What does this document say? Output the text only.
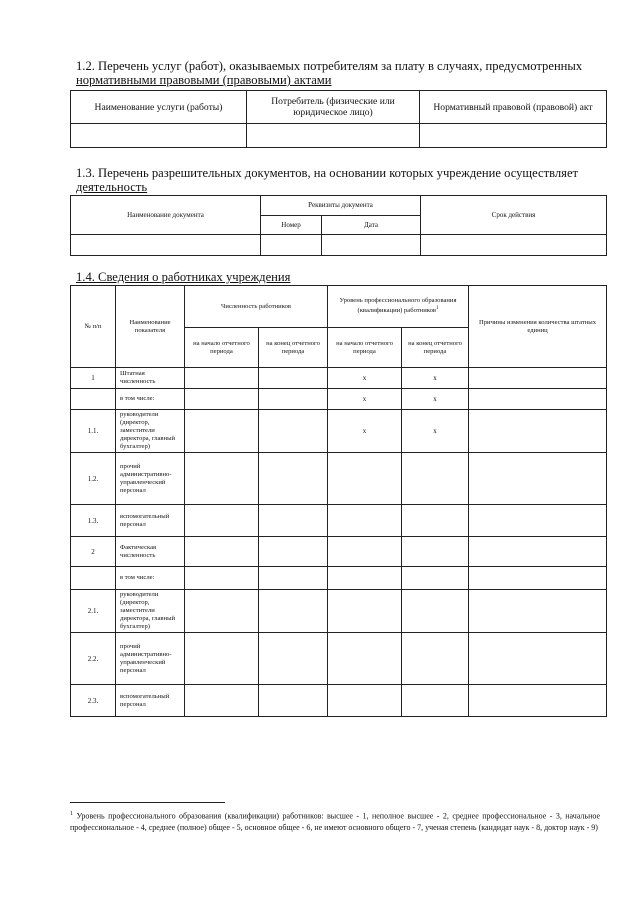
1.2. Перечень услуг (работ), оказываемых потребителям за плату в случаях, предусмотренных
нормативными правовыми (правовыми) актами
Наименование услуги (работы)	Потребитель (физические или юридическое лицо)	Нормативный правовой (правовой) акт

1.3. Перечень разрешительных документов, на основании которых учреждение осуществляет
деятельность
Наименование документа	Реквизиты документа		Срок действия
	Номер	Дата	

1.4. Сведения о работниках учреждения
№ п/п	Наименование показателя	Численность работников		Уровень профессионального образования (квалификации) работников$^1$		Причины изменения количества штатных единиц
		на начало отчетного периода	на конец отчетного периода	на начало отчетного периода	на конец отчетного периода	
1	Штатная численность			x	x	
	в том числе:			x	x	
1.1.	руководители (директор, заместители директора, главный бухгалтер)			x	x	
1.2.	прочий административно-управленческий персонал					
1.3.	вспомогательный персонал					
2	Фактическая численность					
	в том числе:					
2.1.	руководители (директор, заместители директора, главный бухгалтер)					
2.2.	прочий административно-управленческий персонал					
2.3.	вспомогательный персонал					
$^1$ Уровень профессионального образования (квалификации) работников: высшее - 1, неполное высшее - 2, среднее профессиональное - 3, начальное профессиональное - 4, среднее (полное) общее - 5, основное общее - 6, не имеют основного общего - 7, ученая степень (кандидат наук - 8, доктор наук - 9)
